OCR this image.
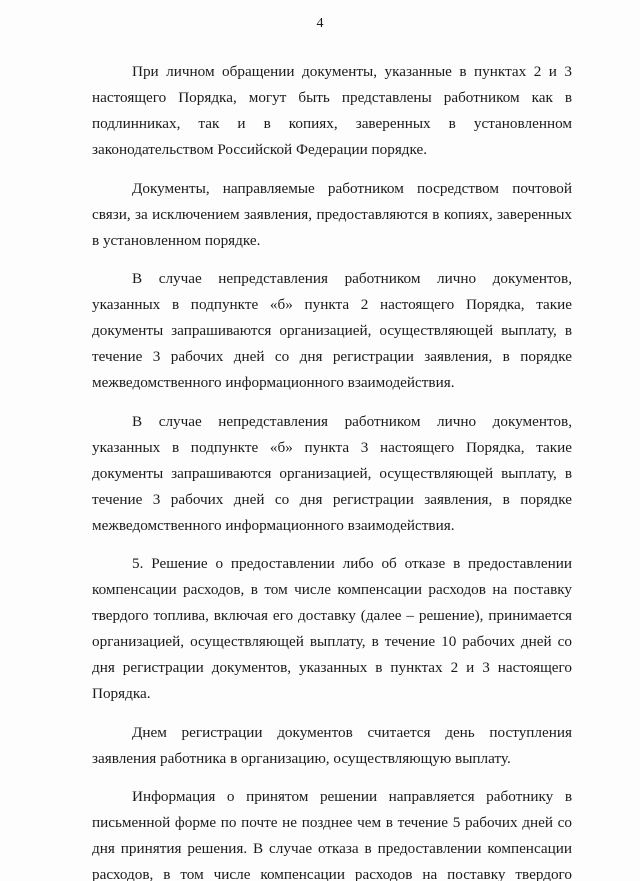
4

При личном обращении документы, указанные в пунктах 2 и 3 настоящего Порядка, могут быть представлены работником как в подлинниках, так и в копиях, заверенных в установленном законодательством Российской Федерации порядке.

Документы, направляемые работником посредством почтовой связи, за исключением заявления, предоставляются в копиях, заверенных в установленном порядке.

В случае непредставления работником лично документов, указанных в подпункте «б» пункта 2 настоящего Порядка, такие документы запрашиваются организацией, осуществляющей выплату, в течение 3 рабочих дней со дня регистрации заявления, в порядке межведомственного информационного взаимодействия.

В случае непредставления работником лично документов, указанных в подпункте «б» пункта 3 настоящего Порядка, такие документы запрашиваются организацией, осуществляющей выплату, в течение 3 рабочих дней со дня регистрации заявления, в порядке межведомственного информационного взаимодействия.

5. Решение о предоставлении либо об отказе в предоставлении компенсации расходов, в том числе компенсации расходов на поставку твердого топлива, включая его доставку (далее – решение), принимается организацией, осуществляющей выплату, в течение 10 рабочих дней со дня регистрации документов, указанных в пунктах 2 и 3 настоящего Порядка.

Днем регистрации документов считается день поступления заявления работника в организацию, осуществляющую выплату.

Информация о принятом решении направляется работнику в письменной форме по почте не позднее чем в течение 5 рабочих дней со дня принятия решения. В случае отказа в предоставлении компенсации расходов, в том числе компенсации расходов на поставку твердого
